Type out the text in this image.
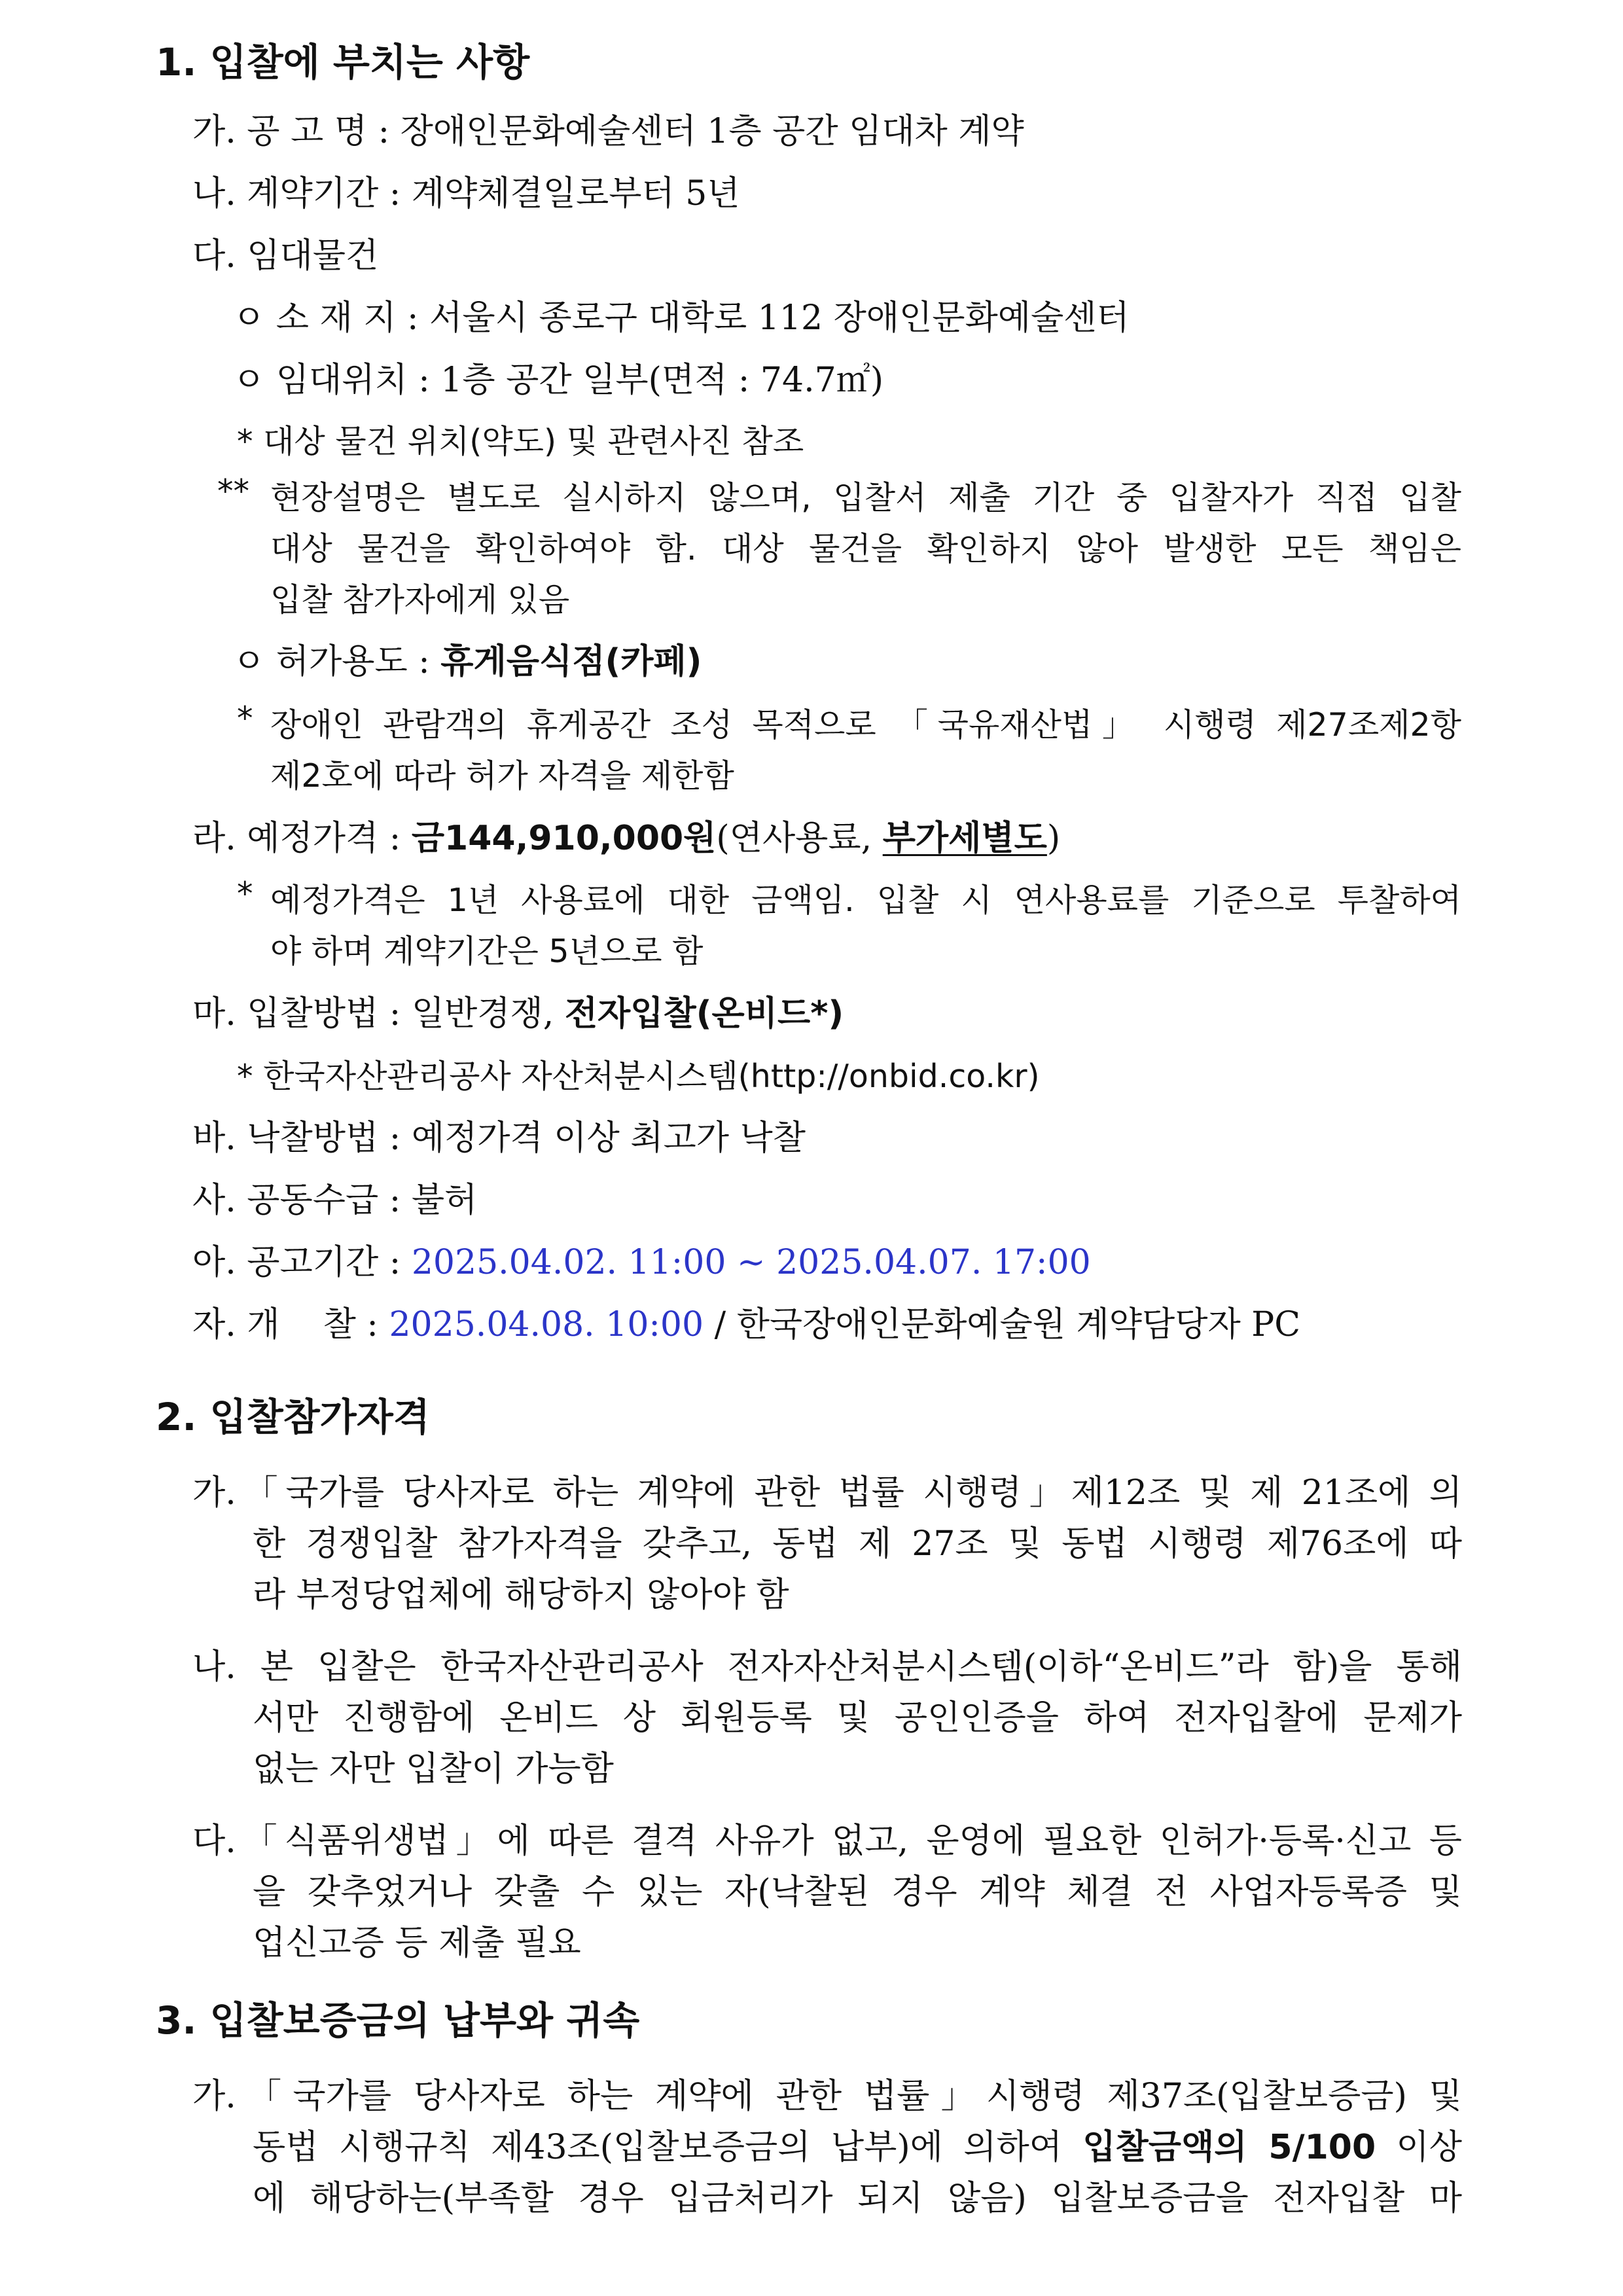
1. 입찰에 부치는 사항
가. 공 고 명 : 장애인문화예술센터 1층 공간 임대차 계약
나. 계약기간 : 계약체결일로부터 5년
다. 임대물건
ㅇ 소 재 지 : 서울시 종로구 대학로 112 장애인문화예술센터
ㅇ 임대위치 : 1층 공간 일부(면적 : 74.7㎡)
* 대상 물건 위치(약도) 및 관련사진 참조
** 현장설명은 별도로 실시하지 않으며, 입찰서 제출 기간 중 입찰자가 직접 입찰
대상 물건을 확인하여야 함. 대상 물건을 확인하지 않아 발생한 모든 책임은
입찰 참가자에게 있음
ㅇ 허가용도 : 휴게음식점(카페)
* 장애인 관람객의 휴게공간 조성 목적으로 「국유재산법」 시행령 제27조제2항
제2호에 따라 허가 자격을 제한함
라. 예정가격 : 금144,910,000원(연사용료, 부가세별도)
* 예정가격은 1년 사용료에 대한 금액임. 입찰 시 연사용료를 기준으로 투찰하여
야 하며 계약기간은 5년으로 함
마. 입찰방법 : 일반경쟁, 전자입찰(온비드*)
* 한국자산관리공사 자산처분시스템(http://onbid.co.kr)
바. 낙찰방법 : 예정가격 이상 최고가 낙찰
사. 공동수급 : 불허
아. 공고기간 : 2025.04.02. 11:00 ~ 2025.04.07. 17:00
자. 개    찰 : 2025.04.08. 10:00 / 한국장애인문화예술원 계약담당자 PC
2. 입찰참가자격
가.「국가를 당사자로 하는 계약에 관한 법률 시행령」제12조 및 제 21조에 의
한 경쟁입찰 참가자격을 갖추고, 동법 제 27조 및 동법 시행령 제76조에 따
라 부정당업체에 해당하지 않아야 함
나. 본 입찰은 한국자산관리공사 전자자산처분시스템(이하“온비드”라 함)을 통해
서만 진행함에 온비드 상 회원등록 및 공인인증을 하여 전자입찰에 문제가
없는 자만 입찰이 가능함
다.「식품위생법」에 따른 결격 사유가 없고, 운영에 필요한 인허가·등록·신고 등
을 갖추었거나 갖출 수 있는 자(낙찰된 경우 계약 체결 전 사업자등록증 및
업신고증 등 제출 필요
3. 입찰보증금의 납부와 귀속
가.「국가를 당사자로 하는 계약에 관한 법률」시행령 제37조(입찰보증금) 및
동법 시행규칙 제43조(입찰보증금의 납부)에 의하여 입찰금액의 5/100 이상
에 해당하는(부족할 경우 입금처리가 되지 않음) 입찰보증금을 전자입찰 마
